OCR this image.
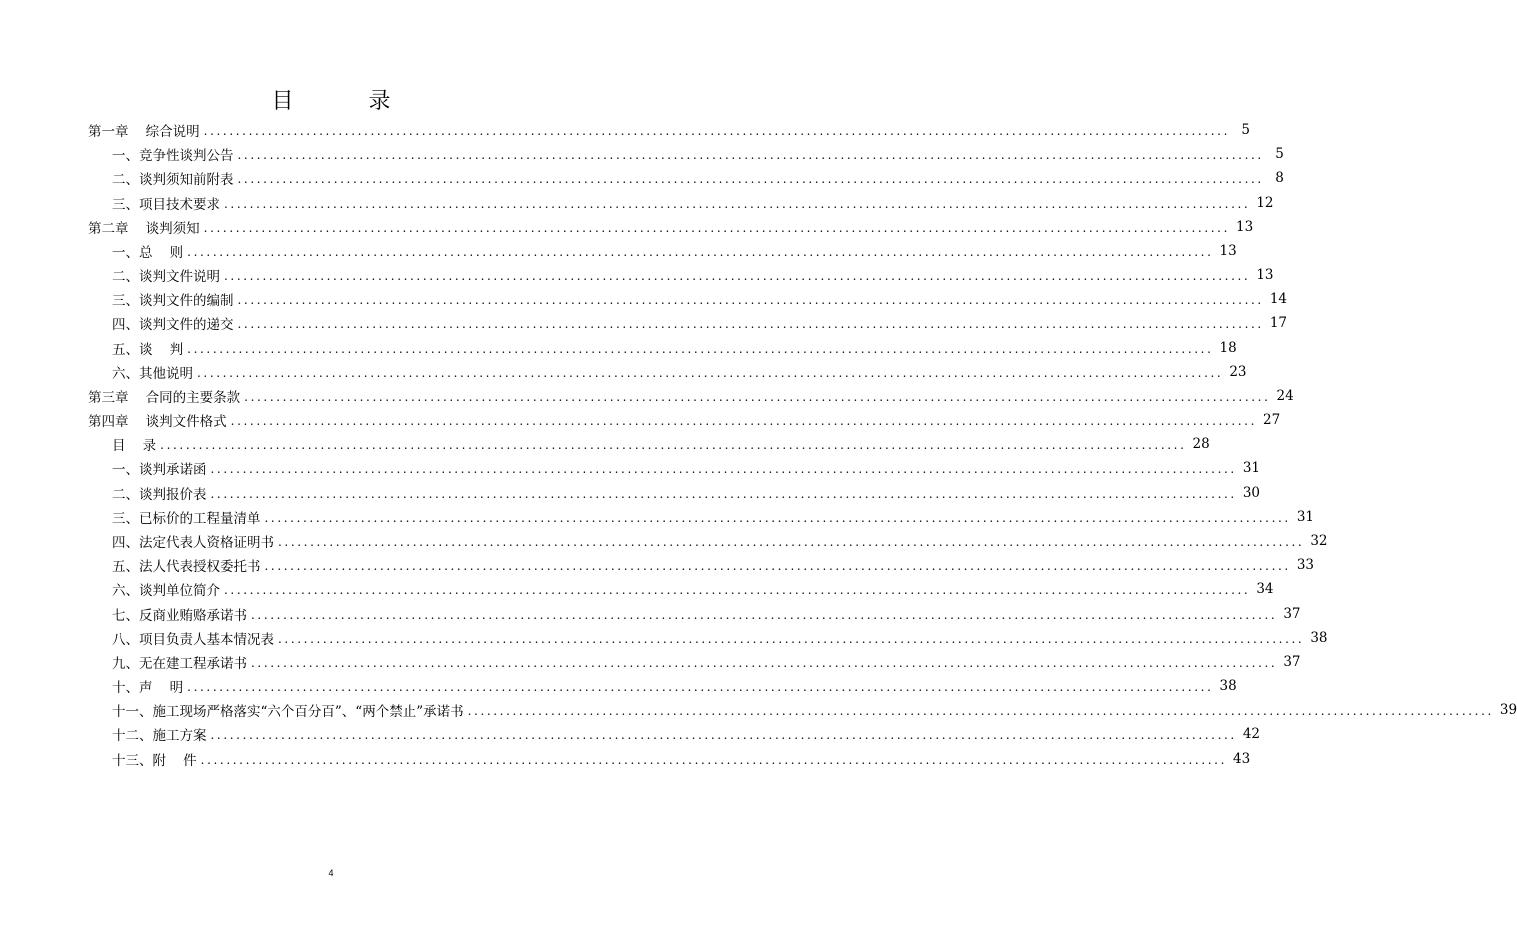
目 录
第一章    综合说明 ................................................................................................................................................................ 5
一、竞争性谈判公告 ................................................................................................................................................................ 5
二、谈判须知前附表 ................................................................................................................................................................ 8
三、项目技术要求 ................................................................................................................................................................ 12
第二章    谈判须知 ................................................................................................................................................................ 13
一、总    则 ................................................................................................................................................................ 13
二、谈判文件说明 ................................................................................................................................................................ 13
三、谈判文件的编制 ................................................................................................................................................................ 14
四、谈判文件的递交 ................................................................................................................................................................ 17
五、谈    判 ................................................................................................................................................................ 18
六、其他说明 ................................................................................................................................................................ 23
第三章    合同的主要条款 ................................................................................................................................................................ 24
第四章    谈判文件格式 ................................................................................................................................................................ 27
目    录 ................................................................................................................................................................ 28
一、谈判承诺函 ................................................................................................................................................................ 31
二、谈判报价表 ................................................................................................................................................................ 30
三、已标价的工程量清单 ................................................................................................................................................................ 31
四、法定代表人资格证明书 ................................................................................................................................................................ 32
五、法人代表授权委托书 ................................................................................................................................................................ 33
六、谈判单位简介 ................................................................................................................................................................ 34
七、反商业贿赂承诺书 ................................................................................................................................................................ 37
八、项目负责人基本情况表 ................................................................................................................................................................ 38
九、无在建工程承诺书 ................................................................................................................................................................ 37
十、声    明 ................................................................................................................................................................ 38
十一、施工现场严格落实“六个百分百”、“两个禁止”承诺书 ................................................................................................................................................................ 39
十二、施工方案 ................................................................................................................................................................ 42
十三、附    件 ................................................................................................................................................................ 43
4
